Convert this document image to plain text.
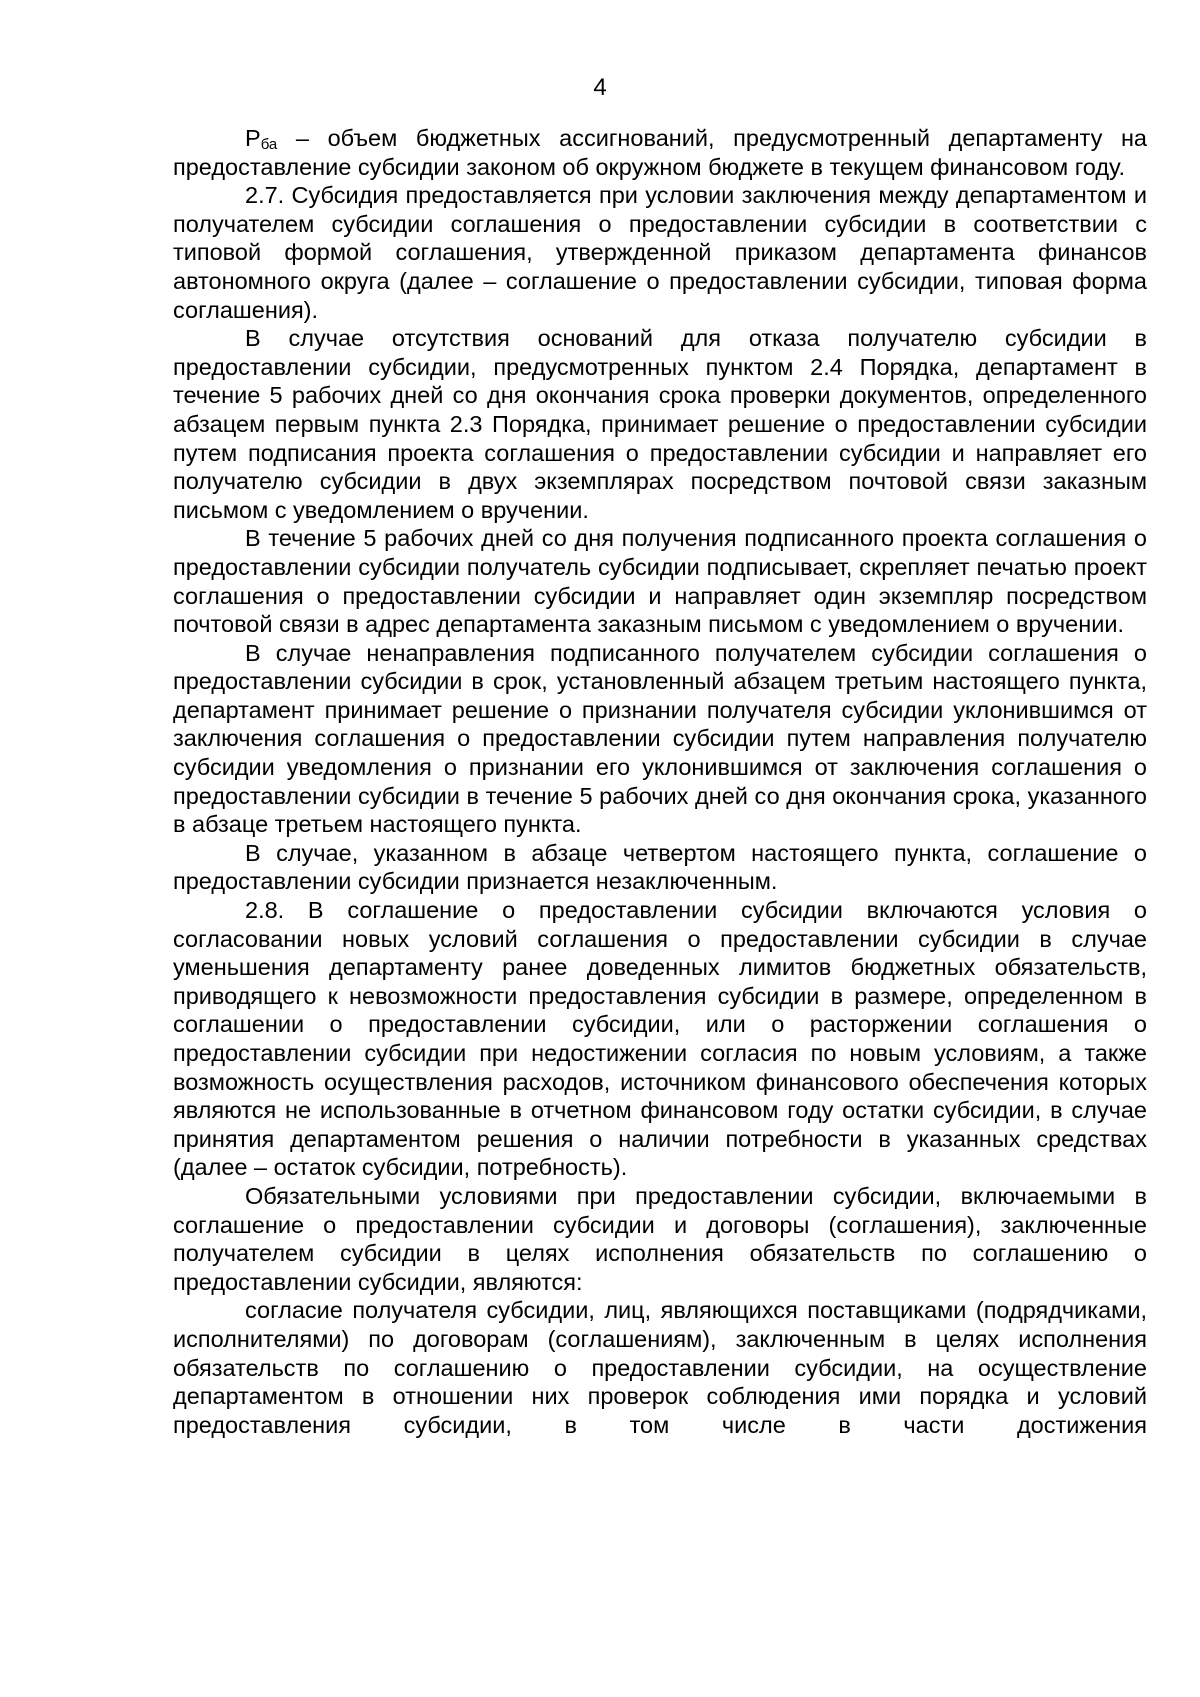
4

$P_{ба}$ – объем бюджетных ассигнований, предусмотренный департаменту на предоставление субсидии законом об окружном бюджете в текущем финансовом году.

2.7. Субсидия предоставляется при условии заключения между департаментом и получателем субсидии соглашения о предоставлении субсидии в соответствии с типовой формой соглашения, утвержденной приказом департамента финансов автономного округа (далее – соглашение о предоставлении субсидии, типовая форма соглашения).

В случае отсутствия оснований для отказа получателю субсидии в предоставлении субсидии, предусмотренных пунктом 2.4 Порядка, департамент в течение 5 рабочих дней со дня окончания срока проверки документов, определенного абзацем первым пункта 2.3 Порядка, принимает решение о предоставлении субсидии путем подписания проекта соглашения о предоставлении субсидии и направляет его получателю субсидии в двух экземплярах посредством почтовой связи заказным письмом с уведомлением о вручении.

В течение 5 рабочих дней со дня получения подписанного проекта соглашения о предоставлении субсидии получатель субсидии подписывает, скрепляет печатью проект соглашения о предоставлении субсидии и направляет один экземпляр посредством почтовой связи в адрес департамента заказным письмом с уведомлением о вручении.

В случае ненаправления подписанного получателем субсидии соглашения о предоставлении субсидии в срок, установленный абзацем третьим настоящего пункта, департамент принимает решение о признании получателя субсидии уклонившимся от заключения соглашения о предоставлении субсидии путем направления получателю субсидии уведомления о признании его уклонившимся от заключения соглашения о предоставлении субсидии в течение 5 рабочих дней со дня окончания срока, указанного в абзаце третьем настоящего пункта.

В случае, указанном в абзаце четвертом настоящего пункта, соглашение о предоставлении субсидии признается незаключенным.

2.8. В соглашение о предоставлении субсидии включаются условия о согласовании новых условий соглашения о предоставлении субсидии в случае уменьшения департаменту ранее доведенных лимитов бюджетных обязательств, приводящего к невозможности предоставления субсидии в размере, определенном в соглашении о предоставлении субсидии, или о расторжении соглашения о предоставлении субсидии при недостижении согласия по новым условиям, а также возможность осуществления расходов, источником финансового обеспечения которых являются не использованные в отчетном финансовом году остатки субсидии, в случае принятия департаментом решения о наличии потребности в указанных средствах (далее – остаток субсидии, потребность).

Обязательными условиями при предоставлении субсидии, включаемыми в соглашение о предоставлении субсидии и договоры (соглашения), заключенные получателем субсидии в целях исполнения обязательств по соглашению о предоставлении субсидии, являются:

согласие получателя субсидии, лиц, являющихся поставщиками (подрядчиками, исполнителями) по договорам (соглашениям), заключенным в целях исполнения обязательств по соглашению о предоставлении субсидии, на осуществление департаментом в отношении них проверок соблюдения ими порядка и условий предоставления субсидии, в том числе в части достижения
